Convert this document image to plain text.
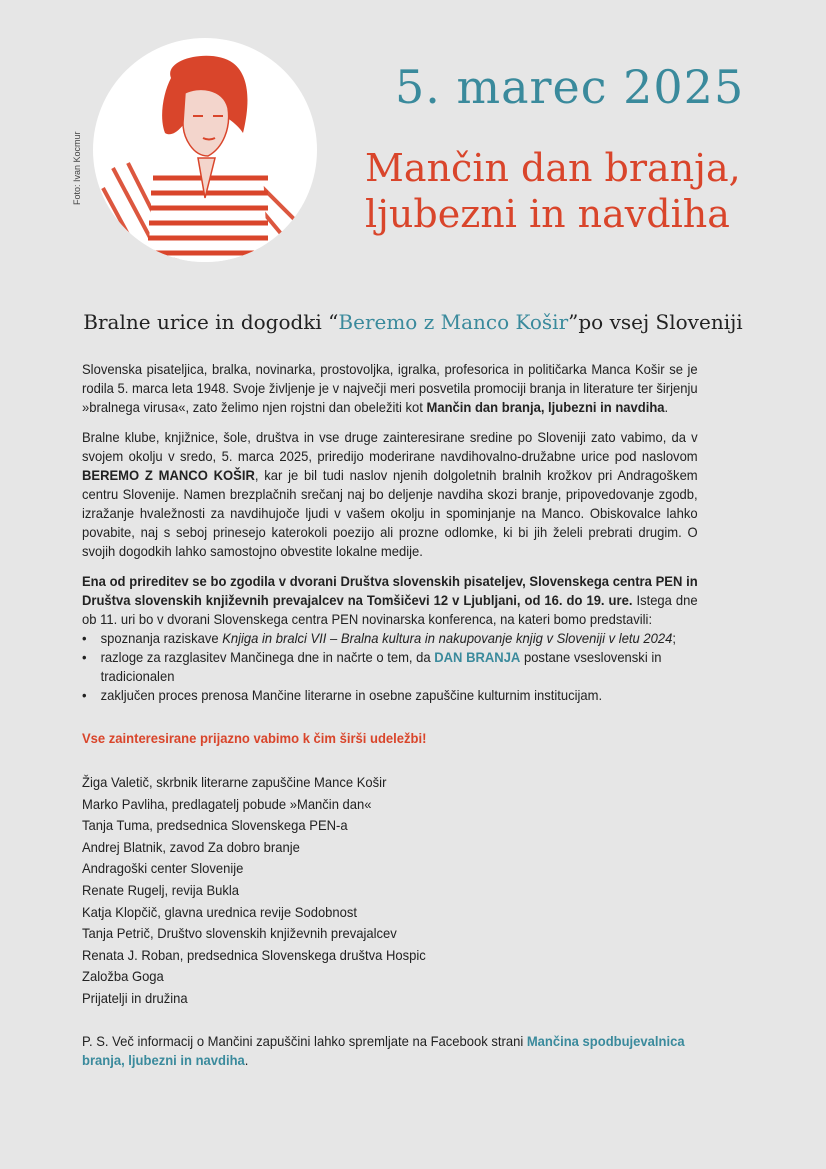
Foto: Ivan Kocmur
5. marec 2025
Mančin dan branja,
ljubezni in navdiha
Bralne urice in dogodki “Beremo z Manco Košir”po vsej Sloveniji

Slovenska pisateljica, bralka, novinarka, prostovoljka, igralka, profesorica in političarka Manca Košir se je rodila 5. marca leta 1948. Svoje življenje je v največji meri posvetila promociji branja in literature ter širjenju »bralnega virusa«, zato želimo njen rojstni dan obeležiti kot Mančin dan branja, ljubezni in navdiha.

Bralne klube, knjižnice, šole, društva in vse druge zainteresirane sredine po Sloveniji zato vabimo, da v svojem okolju v sredo, 5. marca 2025, priredijo moderirane navdihovalno-družabne urice pod naslovom BEREMO Z MANCO KOŠIR, kar je bil tudi naslov njenih dolgoletnih bralnih krožkov pri Andragoškem centru Slovenije. Namen brezplačnih srečanj naj bo deljenje navdiha skozi branje, pripovedovanje zgodb, izražanje hvaležnosti za navdihujoče ljudi v vašem okolju in spominjanje na Manco. Obiskovalce lahko povabite, naj s seboj prinesejo katerokoli poezijo ali prozne odlomke, ki bi jih želeli prebrati drugim. O svojih dogodkih lahko samostojno obvestite lokalne medije.

Ena od prireditev se bo zgodila v dvorani Društva slovenskih pisateljev, Slovenskega centra PEN in Društva slovenskih književnih prevajalcev na Tomšičevi 12 v Ljubljani, od 16. do 19. ure. Istega dne ob 11. uri bo v dvorani Slovenskega centra PEN novinarska konferenca, na kateri bomo predstavili:

• spoznanja raziskave Knjiga in bralci VII – Bralna kultura in nakupovanje knjig v Sloveniji v letu 2024;
• razloge za razglasitev Mančinega dne in načrte o tem, da DAN BRANJA postane vseslovenski in tradicionalen
• zaključen proces prenosa Mančine literarne in osebne zapuščine kulturnim institucijam.
Vse zainteresirane prijazno vabimo k čim širši udeležbi!
Žiga Valetič, skrbnik literarne zapuščine Mance Košir
Marko Pavliha, predlagatelj pobude »Mančin dan«
Tanja Tuma, predsednica Slovenskega PEN-a
Andrej Blatnik, zavod Za dobro branje
Andragoški center Slovenije
Renate Rugelj, revija Bukla
Katja Klopčič, glavna urednica revije Sodobnost
Tanja Petrič, Društvo slovenskih književnih prevajalcev
Renata J. Roban, predsednica Slovenskega društva Hospic
Založba Goga
Prijatelji in družina

P. S. Več informacij o Mančini zapuščini lahko spremljate na Facebook strani Mančina spodbujevalnica branja, ljubezni in navdiha.
